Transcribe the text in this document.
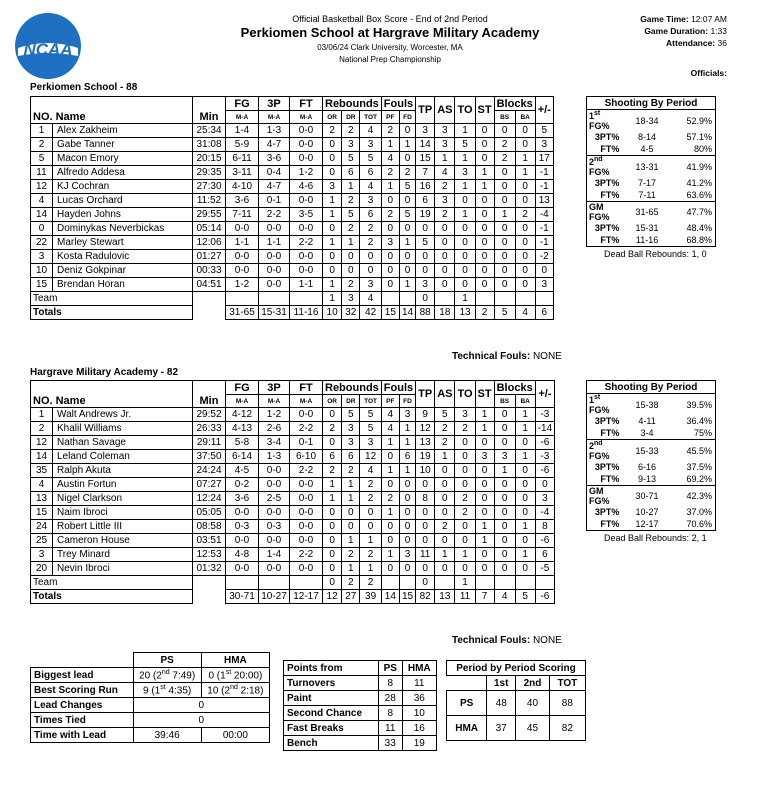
NCAA
Official Basketball Box Score - End of 2nd Period
Perkiomen School at Hargrave Military Academy
03/06/24 Clark University, Worcester, MA
National Prep Championship
Game Time: 12:07 AM
Game Duration: 1:33
Attendance: 36
Officials:
Perkiomen School - 88
NO. Name		Min	FG	3P	FT	Rebounds			Fouls		TP	AS	TO	ST	Blocks		+/-
			M-A	M-A	M-A	OR	DR	TOT	PF	FD					BS	BA	
1	Alex Zakheim	25:34	1-4	1-3	0-0	2	2	4	2	0	3	3	1	0	0	0	5
2	Gabe Tanner	31:08	5-9	4-7	0-0	0	3	3	1	1	14	3	5	0	2	0	3
5	Macon Emory	20:15	6-11	3-6	0-0	0	5	5	4	0	15	1	1	0	2	1	17
11	Alfredo Addesa	29:35	3-11	0-4	1-2	0	6	6	2	2	7	4	3	1	0	1	-1
12	KJ Cochran	27:30	4-10	4-7	4-6	3	1	4	1	5	16	2	1	1	0	0	-1
4	Lucas Orchard	11:52	3-6	0-1	0-0	1	2	3	0	0	6	3	0	0	0	0	13
14	Hayden Johns	29:55	7-11	2-2	3-5	1	5	6	2	5	19	2	1	0	1	2	-4
0	Dominykas Neverbickas	05:14	0-0	0-0	0-0	0	2	2	0	0	0	0	0	0	0	0	-1
22	Marley Stewart	12:06	1-1	1-1	2-2	1	1	2	3	1	5	0	0	0	0	0	-1
3	Kosta Radulovic	01:27	0-0	0-0	0-0	0	0	0	0	0	0	0	0	0	0	0	-2
10	Deniz Gokpinar	00:33	0-0	0-0	0-0	0	0	0	0	0	0	0	0	0	0	0	0
15	Brendan Horan	04:51	1-2	0-0	1-1	1	2	3	0	1	3	0	0	0	0	0	3
Team						1	3	4			0		1				
Totals			31-65	15-31	11-16	10	32	42	15	14	88	18	13	2	5	4	6
Technical Fouls: NONE
Shooting By Period		
1st FG%	18-34	52.9%
3PT%	8-14	57.1%
FT%	4-5	80%
2nd FG%	13-31	41.9%
3PT%	7-17	41.2%
FT%	7-11	63.6%
GM FG%	31-65	47.7%
3PT%	15-31	48.4%
FT%	11-16	68.8%
Dead Ball Rebounds: 1, 0
Hargrave Military Academy - 82
NO. Name		Min	FG	3P	FT	Rebounds			Fouls		TP	AS	TO	ST	Blocks		+/-
			M-A	M-A	M-A	OR	DR	TOT	PF	FD					BS	BA	
1	Walt Andrews Jr.	29:52	4-12	1-2	0-0	0	5	5	4	3	9	5	3	1	0	1	-3
2	Khalil Williams	26:33	4-13	2-6	2-2	2	3	5	4	1	12	2	2	1	0	1	-14
12	Nathan Savage	29:11	5-8	3-4	0-1	0	3	3	1	1	13	2	0	0	0	0	-6
14	Leland Coleman	37:50	6-14	1-3	6-10	6	6	12	0	6	19	1	0	3	3	1	-3
35	Ralph Akuta	24:24	4-5	0-0	2-2	2	2	4	1	1	10	0	0	0	1	0	-6
4	Austin Fortun	07:27	0-2	0-0	0-0	1	1	2	0	0	0	0	0	0	0	0	0
13	Nigel Clarkson	12:24	3-6	2-5	0-0	1	1	2	2	0	8	0	2	0	0	0	3
15	Naim Ibroci	05:05	0-0	0-0	0-0	0	0	0	1	0	0	0	2	0	0	0	-4
24	Robert Little III	08:58	0-3	0-3	0-0	0	0	0	0	0	0	2	0	1	0	1	8
25	Cameron House	03:51	0-0	0-0	0-0	0	1	1	0	0	0	0	0	1	0	0	-6
3	Trey Minard	12:53	4-8	1-4	2-2	0	2	2	1	3	11	1	1	0	0	1	6
20	Nevin Ibroci	01:32	0-0	0-0	0-0	0	1	1	0	0	0	0	0	0	0	0	-5
Team						0	2	2			0		1				
Totals			30-71	10-27	12-17	12	27	39	14	15	82	13	11	7	4	5	-6
Technical Fouls: NONE
Shooting By Period		
1st FG%	15-38	39.5%
3PT%	4-11	36.4%
FT%	3-4	75%
2nd FG%	15-33	45.5%
3PT%	6-16	37.5%
FT%	9-13	69.2%
GM FG%	30-71	42.3%
3PT%	10-27	37.0%
FT%	12-17	70.6%
Dead Ball Rebounds: 2, 1
	PS	HMA
Biggest lead	20 (2nd 7:49)	0 (1st 20:00)
Best Scoring Run	9 (1st 4:35)	10 (2nd 2:18)
Lead Changes	0	
Times Tied	0	
Time with Lead	39:46	00:00
Points from	PS	HMA
Turnovers	8	11
Paint	28	36
Second Chance	8	10
Fast Breaks	11	16
Bench	33	19
Period by Period Scoring			
	1st	2nd	TOT
PS	48	40	88
HMA	37	45	82
